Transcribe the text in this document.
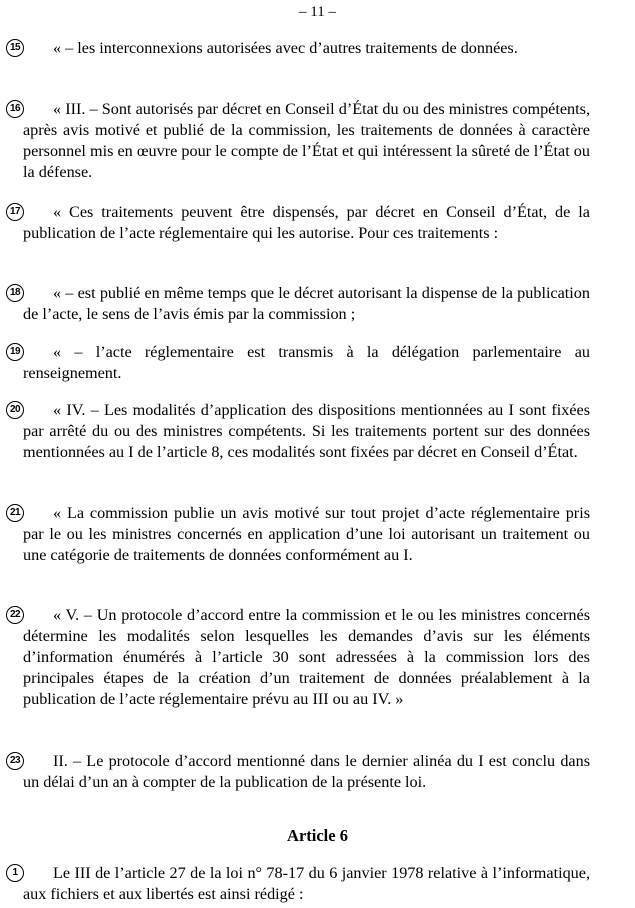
– 11 –
15	« – les interconnexions autorisées avec d’autres traitements de données.

16	« III. – Sont autorisés par décret en Conseil d’État du ou des ministres compétents, après avis motivé et publié de la commission, les traitements de données à caractère personnel mis en œuvre pour le compte de l’État et qui intéressent la sûreté de l’État ou la défense.

17	« Ces traitements peuvent être dispensés, par décret en Conseil d’État, de la publication de l’acte réglementaire qui les autorise. Pour ces traitements :

18	« – est publié en même temps que le décret autorisant la dispense de la publication de l’acte, le sens de l’avis émis par la commission ;

19	« – l’acte réglementaire est transmis à la délégation parlementaire au renseignement.

20	« IV. – Les modalités d’application des dispositions mentionnées au I sont fixées par arrêté du ou des ministres compétents. Si les traitements portent sur des données mentionnées au I de l’article 8, ces modalités sont fixées par décret en Conseil d’État.

21	« La commission publie un avis motivé sur tout projet d’acte réglementaire pris par le ou les ministres concernés en application d’une loi autorisant un traitement ou une catégorie de traitements de données conformément au I.

22	« V. – Un protocole d’accord entre la commission et le ou les ministres concernés détermine les modalités selon lesquelles les demandes d’avis sur les éléments d’information énumérés à l’article 30 sont adressées à la commission lors des principales étapes de la création d’un traitement de données préalablement à la publication de l’acte réglementaire prévu au III ou au IV. »

23	II. – Le protocole d’accord mentionné dans le dernier alinéa du I est conclu dans un délai d’un an à compter de la publication de la présente loi.

Article 6
1	Le III de l’article 27 de la loi n° 78-17 du 6 janvier 1978 relative à l’informatique, aux fichiers et aux libertés est ainsi rédigé :
